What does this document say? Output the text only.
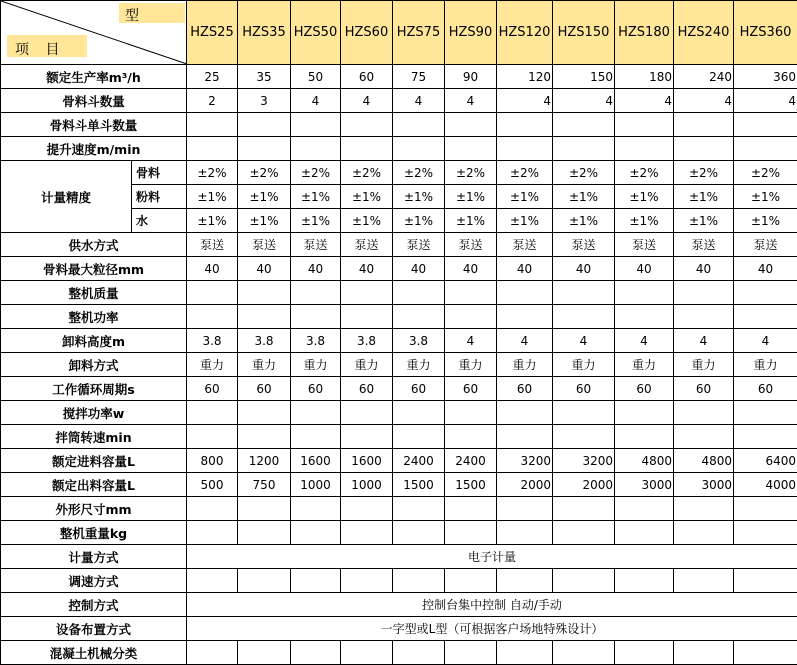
型
项 目		HZS25	HZS35	HZS50	HZS60	HZS75	HZS90	HZS120	HZS150	HZS180	HZS240	HZS360
额定生产率m³/h		25	35	50	60	75	90	120	150	180	240	360
骨料斗数量		2	3	4	4	4	4	4	4	4	4	4
骨料斗单斗数量												
提升速度m/min												
计量精度	骨料	±2%	±2%	±2%	±2%	±2%	±2%	±2%	±2%	±2%	±2%	±2%
	粉料	±1%	±1%	±1%	±1%	±1%	±1%	±1%	±1%	±1%	±1%	±1%
	水	±1%	±1%	±1%	±1%	±1%	±1%	±1%	±1%	±1%	±1%	±1%
供水方式		泵送	泵送	泵送	泵送	泵送	泵送	泵送	泵送	泵送	泵送	泵送
骨料最大粒径mm		40	40	40	40	40	40	40	40	40	40	40
整机质量												
整机功率												
卸料高度m		3.8	3.8	3.8	3.8	3.8	4	4	4	4	4	4
卸料方式		重力	重力	重力	重力	重力	重力	重力	重力	重力	重力	重力
工作循环周期s		60	60	60	60	60	60	60	60	60	60	60
搅拌功率w												
拌筒转速min												
额定进料容量L		800	1200	1600	1600	2400	2400	3200	3200	4800	4800	6400
额定出料容量L		500	750	1000	1000	1500	1500	2000	2000	3000	3000	4000
外形尺寸mm												
整机重量kg												
计量方式		电子计量										
调速方式												
控制方式		控制台集中控制 自动/手动										
设备布置方式		一字型或L型（可根据客户场地特殊设计）										
混凝土机械分类												
